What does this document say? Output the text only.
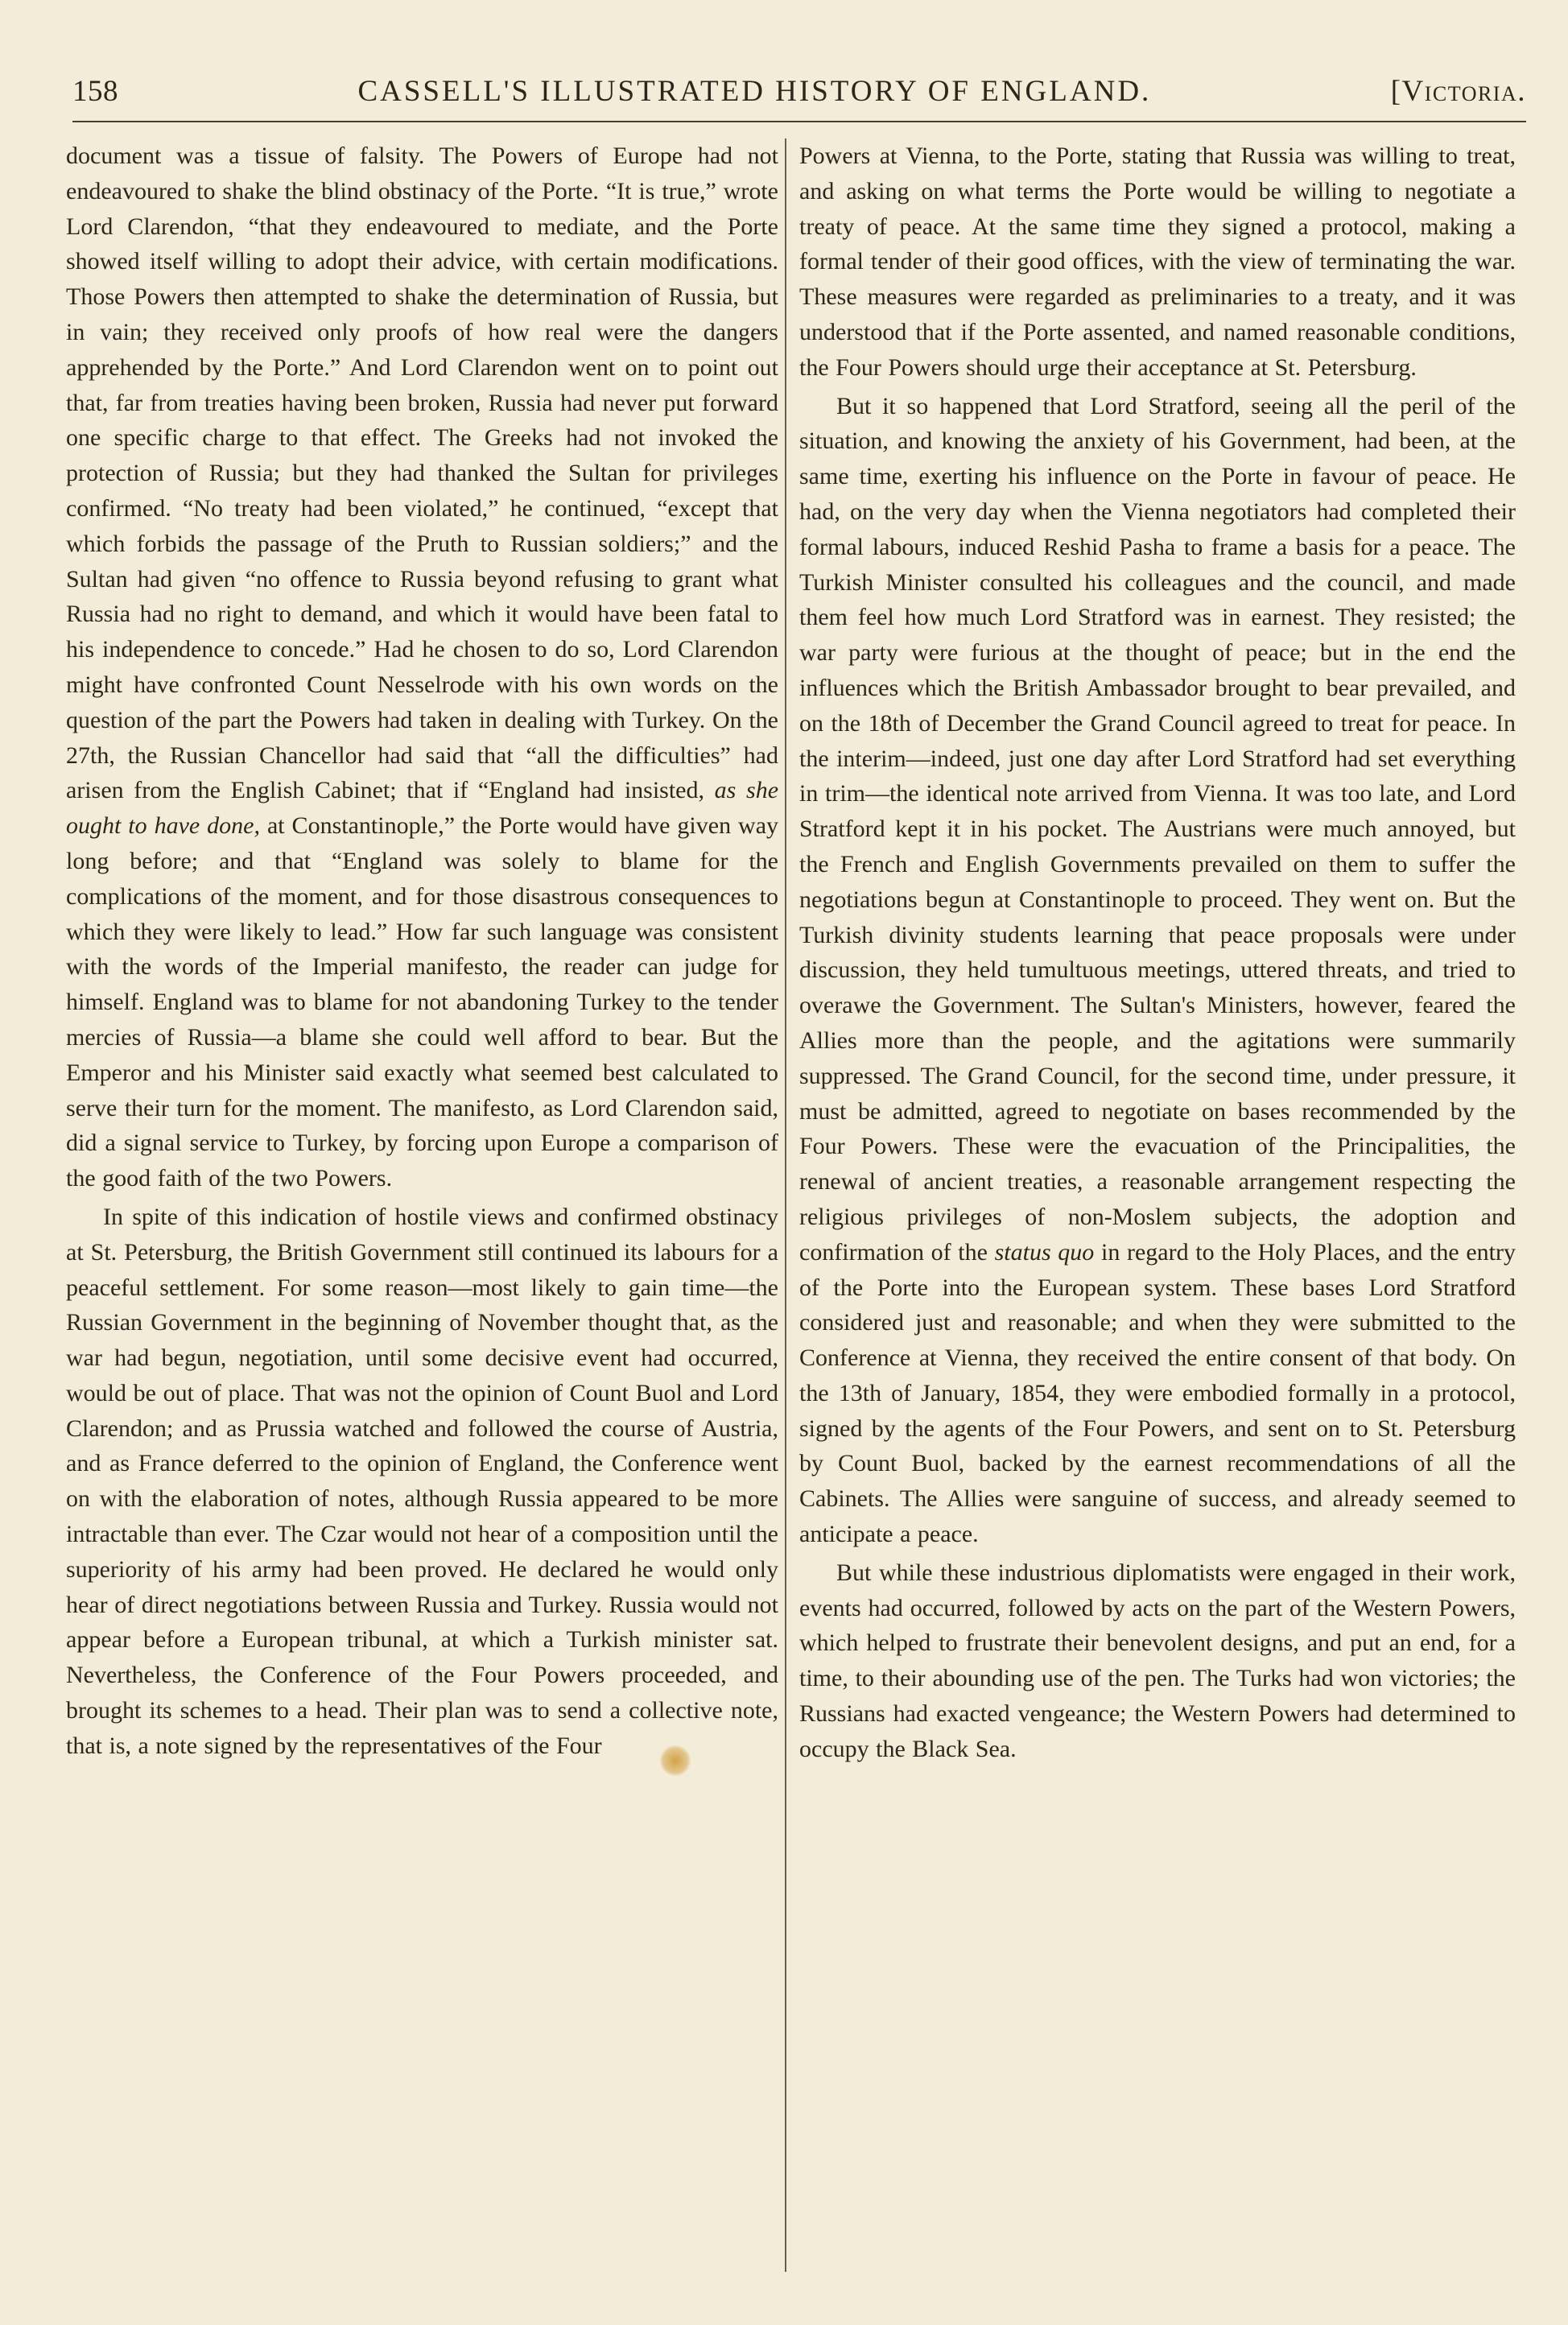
158	CASSELL'S ILLUSTRATED HISTORY OF ENGLAND.	[Victoria.

document was a tissue of falsity. The Powers of Europe had not endeavoured to shake the blind obstinacy of the Porte. “It is true,” wrote Lord Clarendon, “that they endeavoured to mediate, and the Porte showed itself willing to adopt their advice, with certain modifications. Those Powers then attempted to shake the determination of Russia, but in vain; they received only proofs of how real were the dangers apprehended by the Porte.” And Lord Clarendon went on to point out that, far from treaties having been broken, Russia had never put forward one specific charge to that effect. The Greeks had not invoked the protection of Russia; but they had thanked the Sultan for privileges confirmed. “No treaty had been violated,” he continued, “except that which forbids the passage of the Pruth to Russian soldiers;” and the Sultan had given “no offence to Russia beyond refusing to grant what Russia had no right to demand, and which it would have been fatal to his independence to concede.” Had he chosen to do so, Lord Clarendon might have confronted Count Nesselrode with his own words on the question of the part the Powers had taken in dealing with Turkey. On the 27th, the Russian Chancellor had said that “all the difficulties” had arisen from the English Cabinet; that if “England had insisted, as she ought to have done, at Constantinople,” the Porte would have given way long before; and that “England was solely to blame for the complications of the moment, and for those disastrous consequences to which they were likely to lead.” How far such language was consistent with the words of the Imperial manifesto, the reader can judge for himself. England was to blame for not abandoning Turkey to the tender mercies of Russia—a blame she could well afford to bear. But the Emperor and his Minister said exactly what seemed best calculated to serve their turn for the moment. The manifesto, as Lord Clarendon said, did a signal service to Turkey, by forcing upon Europe a comparison of the good faith of the two Powers.

In spite of this indication of hostile views and confirmed obstinacy at St. Petersburg, the British Government still continued its labours for a peaceful settlement. For some reason—most likely to gain time—the Russian Government in the beginning of November thought that, as the war had begun, negotiation, until some decisive event had occurred, would be out of place. That was not the opinion of Count Buol and Lord Clarendon; and as Prussia watched and followed the course of Austria, and as France deferred to the opinion of England, the Conference went on with the elaboration of notes, although Russia appeared to be more intractable than ever. The Czar would not hear of a composition until the superiority of his army had been proved. He declared he would only hear of direct negotiations between Russia and Turkey. Russia would not appear before a European tribunal, at which a Turkish minister sat. Nevertheless, the Conference of the Four Powers proceeded, and brought its schemes to a head. Their plan was to send a collective note, that is, a note signed by the representatives of the Four

Powers at Vienna, to the Porte, stating that Russia was willing to treat, and asking on what terms the Porte would be willing to negotiate a treaty of peace. At the same time they signed a protocol, making a formal tender of their good offices, with the view of terminating the war. These measures were regarded as preliminaries to a treaty, and it was understood that if the Porte assented, and named reasonable conditions, the Four Powers should urge their acceptance at St. Petersburg.

But it so happened that Lord Stratford, seeing all the peril of the situation, and knowing the anxiety of his Government, had been, at the same time, exerting his influence on the Porte in favour of peace. He had, on the very day when the Vienna negotiators had completed their formal labours, induced Reshid Pasha to frame a basis for a peace. The Turkish Minister consulted his colleagues and the council, and made them feel how much Lord Stratford was in earnest. They resisted; the war party were furious at the thought of peace; but in the end the influences which the British Ambassador brought to bear prevailed, and on the 18th of December the Grand Council agreed to treat for peace. In the interim—indeed, just one day after Lord Stratford had set everything in trim—the identical note arrived from Vienna. It was too late, and Lord Stratford kept it in his pocket. The Austrians were much annoyed, but the French and English Governments prevailed on them to suffer the negotiations begun at Constantinople to proceed. They went on. But the Turkish divinity students learning that peace proposals were under discussion, they held tumultuous meetings, uttered threats, and tried to overawe the Government. The Sultan's Ministers, however, feared the Allies more than the people, and the agitations were summarily suppressed. The Grand Council, for the second time, under pressure, it must be admitted, agreed to negotiate on bases recommended by the Four Powers. These were the evacuation of the Principalities, the renewal of ancient treaties, a reasonable arrangement respecting the religious privileges of non-Moslem subjects, the adoption and confirmation of the status quo in regard to the Holy Places, and the entry of the Porte into the European system. These bases Lord Stratford considered just and reasonable; and when they were submitted to the Conference at Vienna, they received the entire consent of that body. On the 13th of January, 1854, they were embodied formally in a protocol, signed by the agents of the Four Powers, and sent on to St. Petersburg by Count Buol, backed by the earnest recommendations of all the Cabinets. The Allies were sanguine of success, and already seemed to anticipate a peace.

But while these industrious diplomatists were engaged in their work, events had occurred, followed by acts on the part of the Western Powers, which helped to frustrate their benevolent designs, and put an end, for a time, to their abounding use of the pen. The Turks had won victories; the Russians had exacted vengeance; the Western Powers had determined to occupy the Black Sea.
